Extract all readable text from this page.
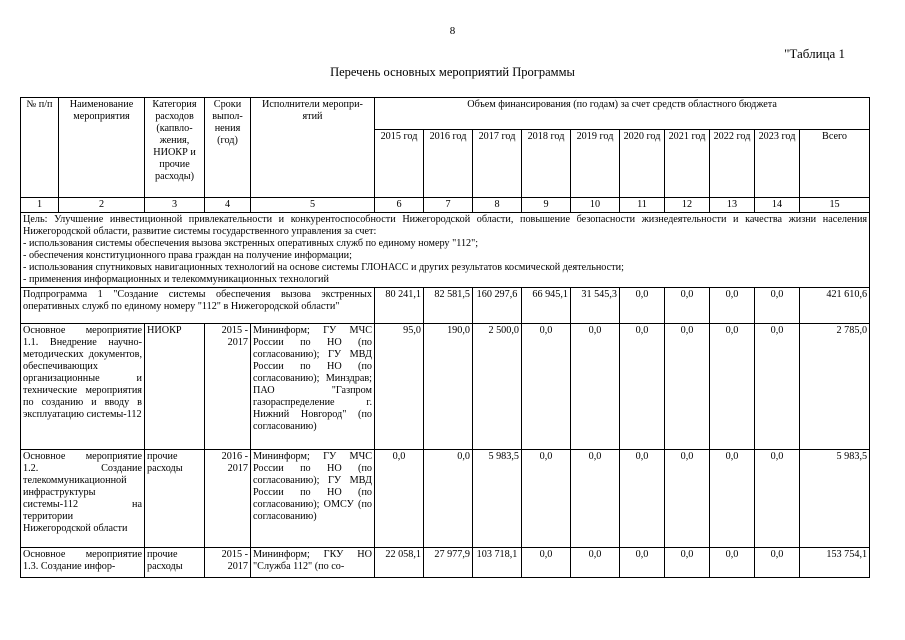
8
"Таблица 1
Перечень основных мероприятий Программы
№ п/п	Наименование мероприятия	Категория расходов (капвло-жения, НИОКР и прочие расходы)	Сроки выпол-нения (год)	Исполнители меропри-ятий	Объем финансирования (по годам) за счет средств областного бюджета									
					2015 год	2016 год	2017 год	2018 год	2019 год	2020 год	2021 год	2022 год	2023 год	Всего
1	2	3	4	5	6	7	8	9	10	11	12	13	14	15

Цель: Улучшение инвестиционной привлекательности и конкурентоспособности Нижегородской области, повышение безопасности жизнедеятельности и качества жизни населения Нижегородской области, развитие системы государственного управления за счет:
- использования системы обеспечения вызова экстренных оперативных служб по единому номеру "112";
- обеспечения конституционного права граждан на получение информации;
- использования спутниковых навигационных технологий на основе системы ГЛОНАСС и других результатов космической деятельности;
- применения информационных и телекоммуникационных технологий														

Подпрограмма 1 "Создание системы обеспечения вызова экстренных оперативных служб по единому номеру "112" в Нижегородской области"					80 241,1	82 581,5	160 297,6	66 945,1	31 545,3	0,0	0,0	0,0	0,0	421 610,6
Основное мероприятие 1.1. Внедрение научно-методических документов, обеспечивающих организационные и технические мероприятия по созданию и вводу в эксплуатацию системы-112		НИОКР	2015 - 2017	Мининформ; ГУ МЧС России по НО (по согласованию); ГУ МВД России по НО (по согласованию); Минздрав; ПАО "Газпром газораспределение г. Нижний Новгород" (по согласованию)	95,0	190,0	2 500,0	0,0	0,0	0,0	0,0	0,0	0,0	2 785,0
Основное мероприятие 1.2. Создание телекоммуникационной инфраструктуры системы-112 на территории Нижегородской области		прочие расходы	2016 - 2017	Мининформ; ГУ МЧС России по НО (по согласованию); ГУ МВД России по НО (по согласованию); ОМСУ (по согласованию)	0,0	0,0	5 983,5	0,0	0,0	0,0	0,0	0,0	0,0	5 983,5
Основное мероприятие 1.3. Создание инфор-		прочие расходы	2015 - 2017	Мининформ; ГКУ НО "Служба 112" (по со-	22 058,1	27 977,9	103 718,1	0,0	0,0	0,0	0,0	0,0	0,0	153 754,1
